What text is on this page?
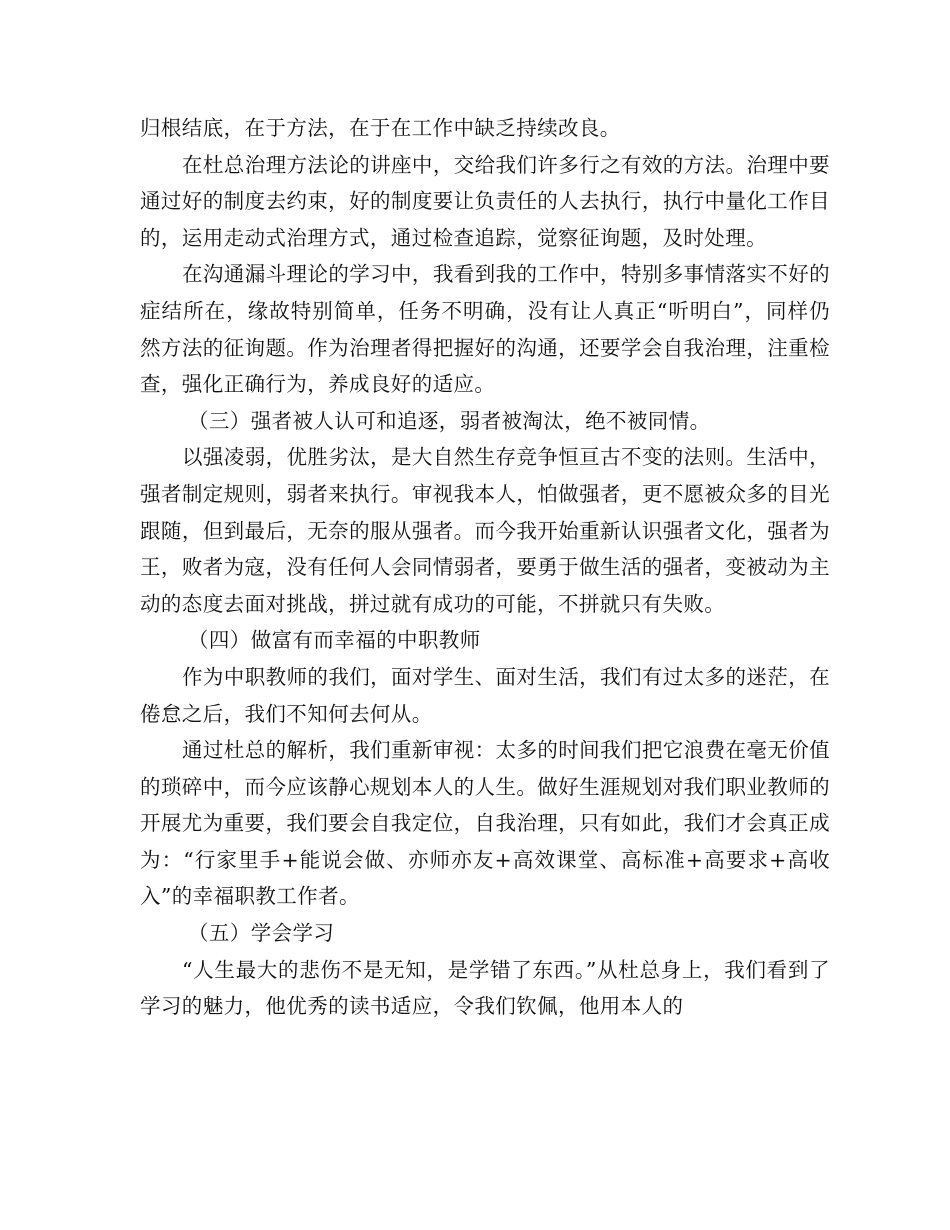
归根结底，在于方法，在于在工作中缺乏持续改良。

在杜总治理方法论的讲座中，交给我们许多行之有效的方法。治理中要通过好的制度去约束，好的制度要让负责任的人去执行，执行中量化工作目的，运用走动式治理方式，通过检查追踪，觉察征询题，及时处理。

在沟通漏斗理论的学习中，我看到我的工作中，特别多事情落实不好的症结所在，缘故特别简单，任务不明确，没有让人真正“听明白”，同样仍然方法的征询题。作为治理者得把握好的沟通，还要学会自我治理，注重检查，强化正确行为，养成良好的适应。

（三）强者被人认可和追逐，弱者被淘汰，绝不被同情。

以强凌弱，优胜劣汰，是大自然生存竞争恒亘古不变的法则。生活中，强者制定规则，弱者来执行。审视我本人，怕做强者，更不愿被众多的目光跟随，但到最后，无奈的服从强者。而今我开始重新认识强者文化，强者为王，败者为寇，没有任何人会同情弱者，要勇于做生活的强者，变被动为主动的态度去面对挑战，拼过就有成功的可能，不拼就只有失败。

（四）做富有而幸福的中职教师

作为中职教师的我们，面对学生、面对生活，我们有过太多的迷茫，在倦怠之后，我们不知何去何从。

通过杜总的解析，我们重新审视：太多的时间我们把它浪费在毫无价值的琐碎中，而今应该静心规划本人的人生。做好生涯规划对我们职业教师的开展尤为重要，我们要会自我定位，自我治理，只有如此，我们才会真正成为：“行家里手+能说会做、亦师亦友+高效课堂、高标准+高要求+高收入”的幸福职教工作者。

（五）学会学习

“人生最大的悲伤不是无知，是学错了东西。”从杜总身上，我们看到了学习的魅力，他优秀的读书适应，令我们钦佩，他用本人的
